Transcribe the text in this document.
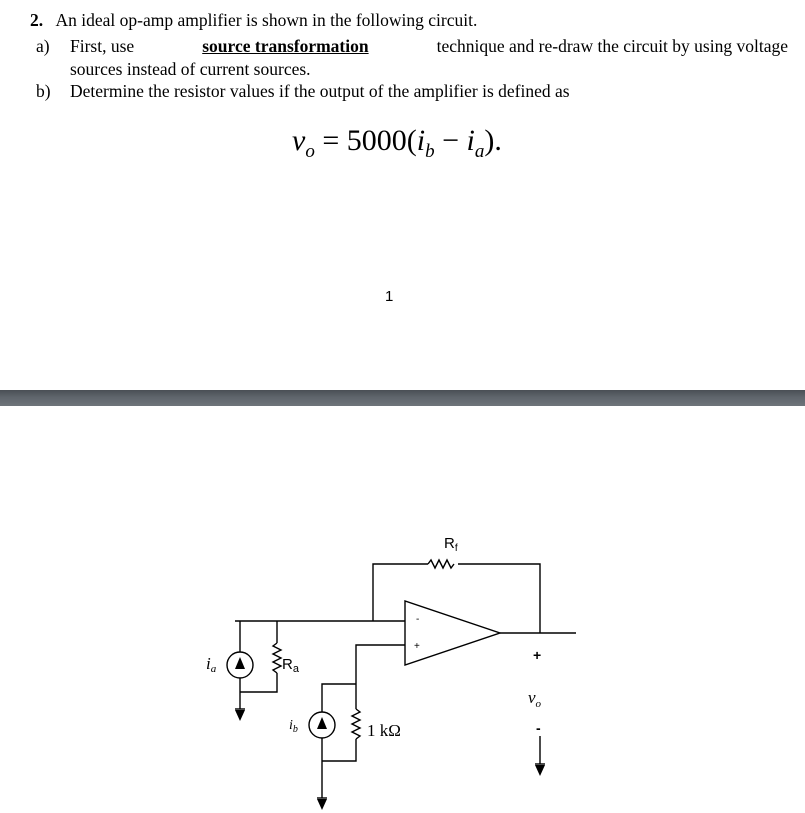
2. An ideal op-amp amplifier is shown in the following circuit.
a)	First, use	source transformation	technique and re-draw the circuit by using voltage
sources instead of current sources.
b) Determine the resistor values if the output of the amplifier is defined as
$v_o = 5000(i_b - i_a)$.
1
$R_f$
$R_a$
ia
$i_b$	1 kΩ
$v_o$
+
-
-
+
